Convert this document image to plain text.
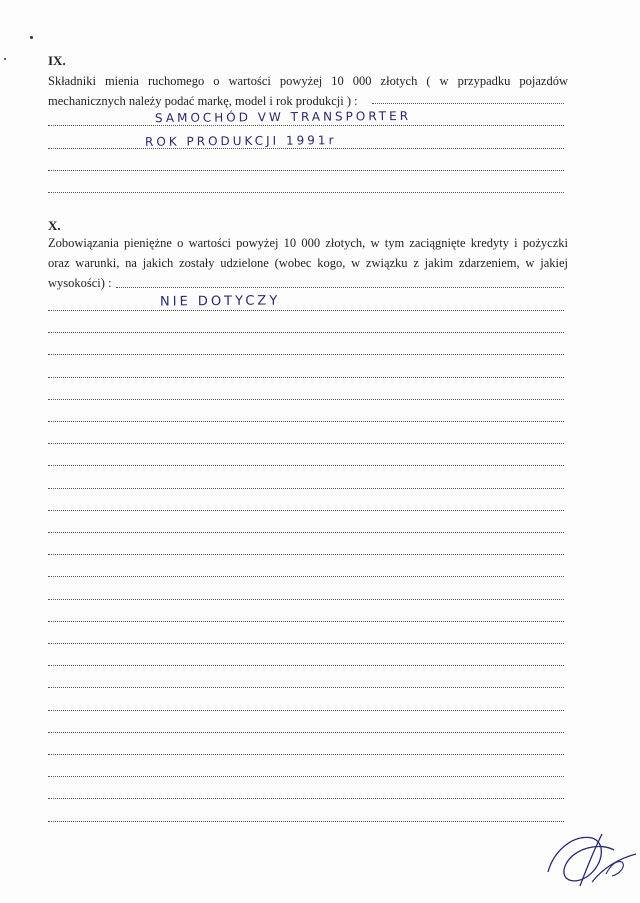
IX.
Składniki mienia ruchomego o wartości powyżej 10 000 złotych ( w przypadku pojazdów
mechanicznych należy podać markę, model i rok produkcji ) :
SAMOCHÓD VW TRANSPORTER
ROK PRODUKCJI 1991r
X.
Zobowiązania pieniężne o wartości powyżej 10 000 złotych, w tym zaciągnięte kredyty i pożyczki
oraz warunki, na jakich zostały udzielone (wobec kogo, w związku z jakim zdarzeniem, w jakiej
wysokości) :
NIE DOTYCZY
